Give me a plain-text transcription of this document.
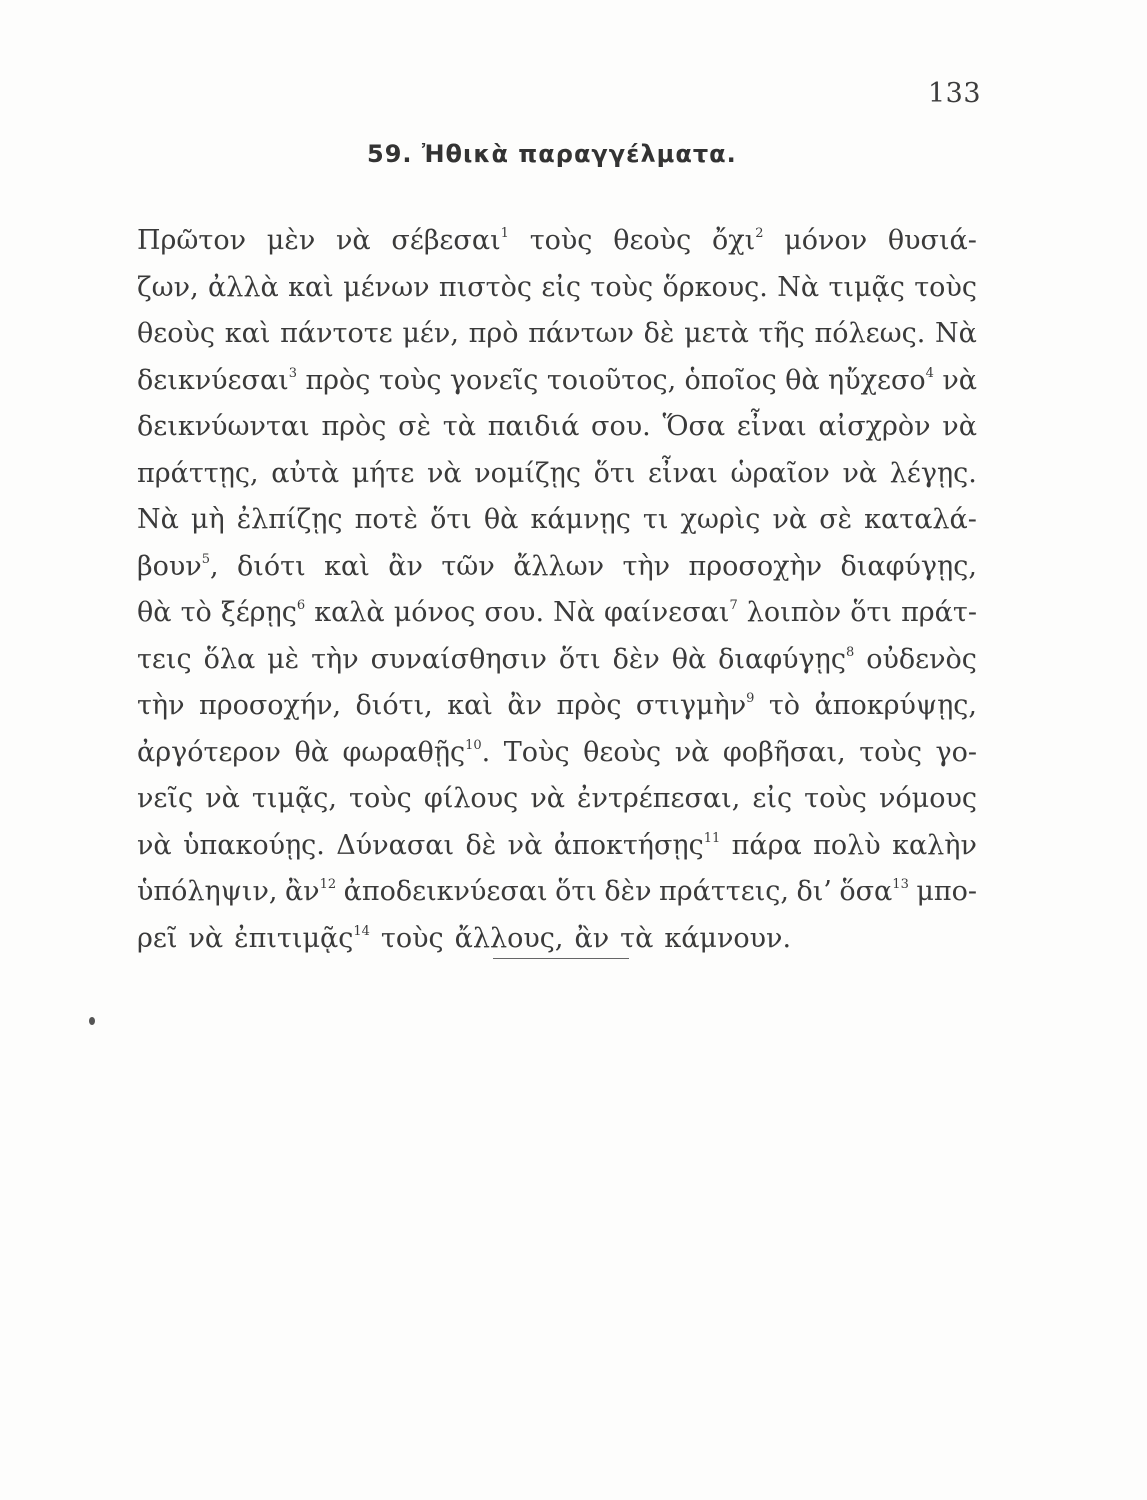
133
59. Ἠθικὰ παραγγέλματα.
Πρῶτον μὲν νὰ σέβεσαι$^1$ τοὺς θεοὺς ὄχι$^2$ μόνον θυσιά-
ζων, ἀλλὰ καὶ μένων πιστὸς εἰς τοὺς ὅρκους. Νὰ τιμᾷς τοὺς
θεοὺς καὶ πάντοτε μέν, πρὸ πάντων δὲ μετὰ τῆς πόλεως. Νὰ
δεικνύεσαι$^3$ πρὸς τοὺς γονεῖς τοιοῦτος, ὁποῖος θὰ ηὔχεσο$^4$ νὰ
δεικνύωνται πρὸς σὲ τὰ παιδιά σου. Ὅσα εἶναι αἰσχρὸν νὰ
πράττῃς, αὐτὰ μήτε νὰ νομίζῃς ὅτι εἶναι ὡραῖον νὰ λέγῃς.
Νὰ μὴ ἐλπίζῃς ποτὲ ὅτι θὰ κάμνῃς τι χωρὶς νὰ σὲ καταλά-
βουν$^5$, διότι καὶ ἂν τῶν ἄλλων τὴν προσοχὴν διαφύγῃς,
θὰ τὸ ξέρῃς$^6$ καλὰ μόνος σου. Νὰ φαίνεσαι$^7$ λοιπὸν ὅτι πράτ-
τεις ὅλα μὲ τὴν συναίσθησιν ὅτι δὲν θὰ διαφύγῃς$^8$ οὐδενὸς
τὴν προσοχήν, διότι, καὶ ἂν πρὸς στιγμὴν$^9$ τὸ ἀποκρύψῃς,
ἀργότερον θὰ φωραθῇς$^{10}$. Τοὺς θεοὺς νὰ φοβῆσαι, τοὺς γο-
νεῖς νὰ τιμᾷς, τοὺς φίλους νὰ ἐντρέπεσαι, εἰς τοὺς νόμους
νὰ ὑπακούῃς. Δύνασαι δὲ νὰ ἀποκτήσῃς$^{11}$ πάρα πολὺ καλὴν
ὑπόληψιν, ἂν$^{12}$ ἀποδεικνύεσαι ὅτι δὲν πράττεις, δι’ ὅσα$^{13}$ μπο-
ρεῖ νὰ ἐπιτιμᾷς$^{14}$ τοὺς ἄλλους, ἂν τὰ κάμνουν.
